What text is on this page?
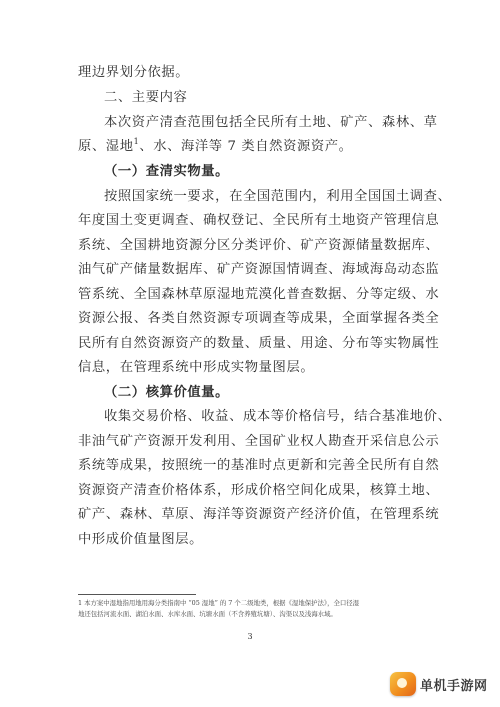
理边界划分依据。
二、主要内容
本次资产清查范围包括全民所有土地、矿产、森林、草
原、湿地$^1$、水、海洋等 7 类自然资源资产。
（一）查清实物量。
按照国家统一要求，在全国范围内，利用全国国土调查、
年度国土变更调查、确权登记、全民所有土地资产管理信息
系统、全国耕地资源分区分类评价、矿产资源储量数据库、
油气矿产储量数据库、矿产资源国情调查、海域海岛动态监
管系统、全国森林草原湿地荒漠化普查数据、分等定级、水
资源公报、各类自然资源专项调查等成果，全面掌握各类全
民所有自然资源资产的数量、质量、用途、分布等实物属性
信息，在管理系统中形成实物量图层。
（二）核算价值量。
收集交易价格、收益、成本等价格信号，结合基准地价、
非油气矿产资源开发利用、全国矿业权人勘查开采信息公示
系统等成果，按照统一的基准时点更新和完善全民所有自然
资源资产清查价格体系，形成价格空间化成果，核算土地、
矿产、森林、草原、海洋等资源资产经济价值，在管理系统
中形成价值量图层。
1 本方案中湿地指用地用海分类指南中 “05 湿地” 的 7 个二级地类，根据《湿地保护法》，全口径湿
地还包括河流水面、湖泊水面、水库水面、坑塘水面（不含养殖坑塘）、沟渠以及浅海水域。
3
单机手游网
